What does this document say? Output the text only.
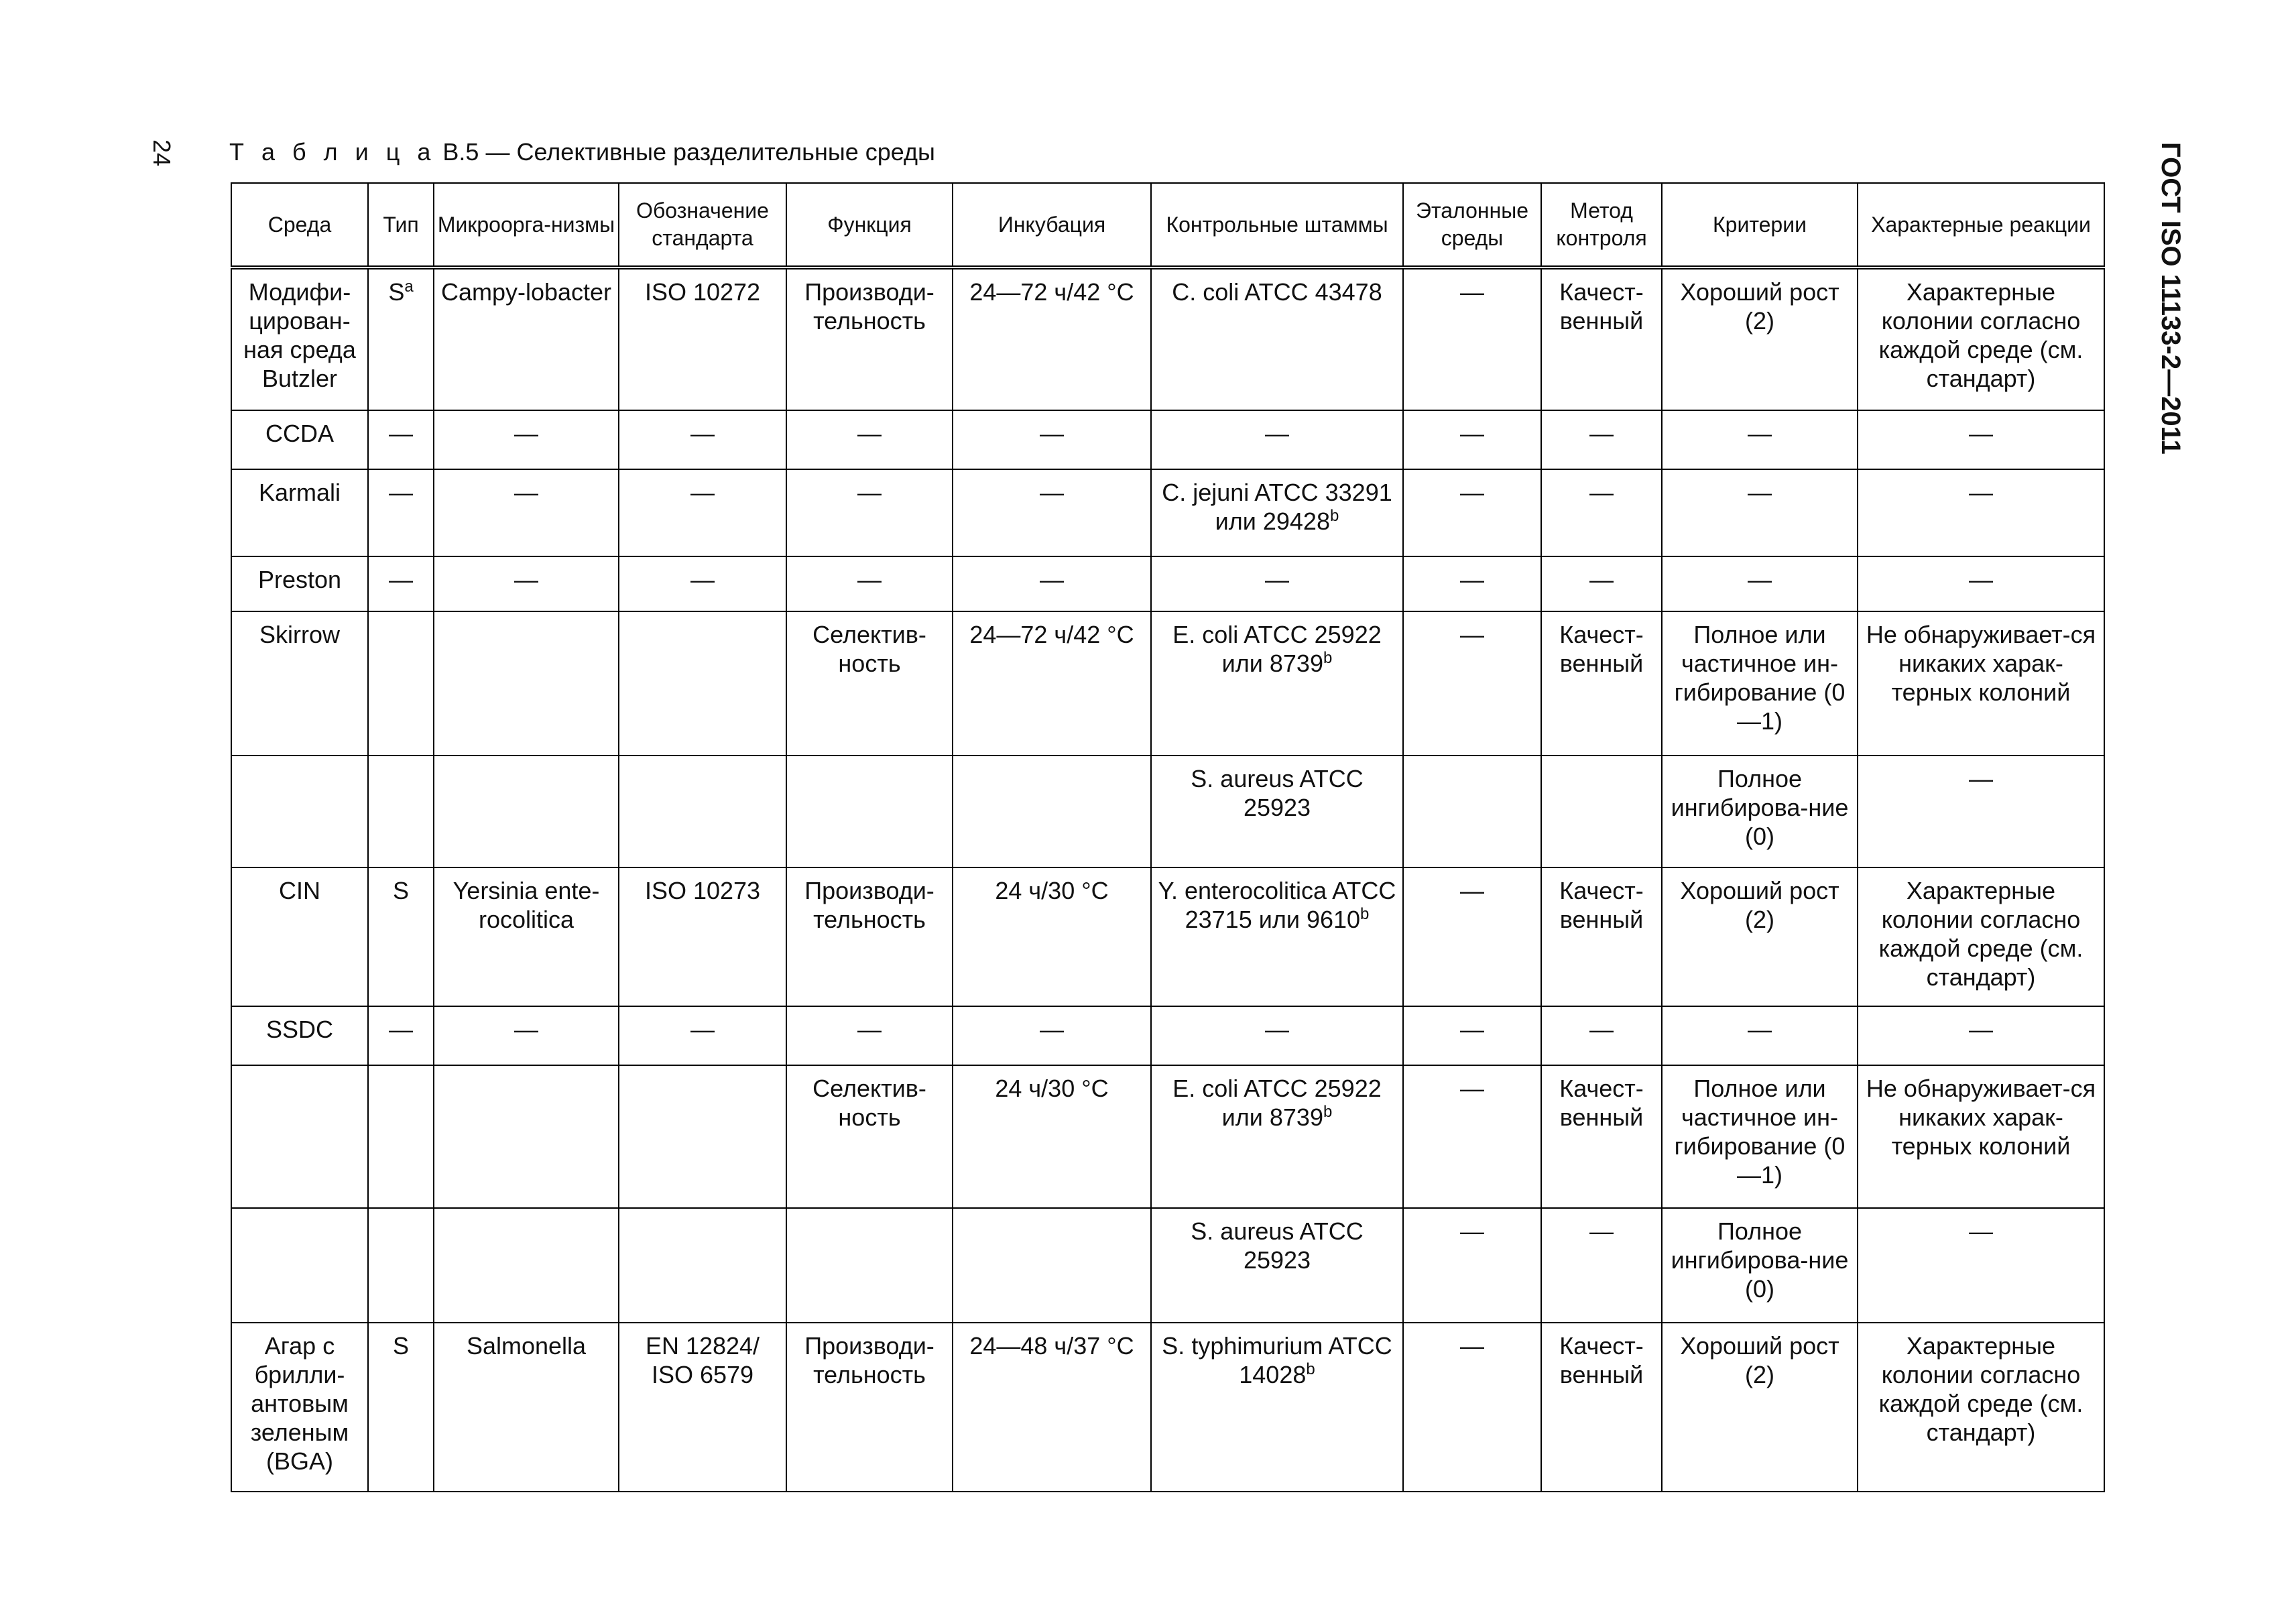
24 Т а б л и ц а B.5 — Селективные разделительные среды	ГОСТ ISO 11133-2—2011
Среда	Тип	Микроорга-низмы	Обозначение стандарта	Функция	Инкубация	Контрольные штаммы	Эталонные среды	Метод контроля	Критерии	Характерные реакции
Модифи-цирован-ная среда Butzler	$S^a$	Campy-lobacter	ISO 10272	Производи-тельность	24—72 ч/42 °C	C. coli ATCC 43478	—	Качест-венный	Хороший рост (2)	Характерные колонии согласно каждой среде (см. стандарт)
CCDA	—	—	—	—	—	—	—	—	—	—
Karmali	—	—	—	—	—	C. jejuni ATCC 33291 или 29428$^b$	—	—	—	—
Preston	—	—	—	—	—	—	—	—	—	—
Skirrow				Селектив-ность	24—72 ч/42 °C	E. coli ATCC 25922 или 8739$^b$	—	Качест-венный	Полное или частичное ин-гибирование (0—1)	Не обнаруживает-ся никаких харак-терных колоний
						S. aureus ATCC 25923			Полное ингибирова-ние (0)	—
CIN	S	Yersinia ente-rocolitica	ISO 10273	Производи-тельность	24 ч/30 °C	Y. enterocolitica ATCC 23715 или 9610$^b$	—	Качест-венный	Хороший рост (2)	Характерные колонии согласно каждой среде (см. стандарт)
SSDC	—	—	—	—	—	—	—	—	—	—
				Селектив-ность	24 ч/30 °C	E. coli ATCC 25922 или 8739$^b$	—	Качест-венный	Полное или частичное ин-гибирование (0—1)	Не обнаруживает-ся никаких харак-терных колоний
						S. aureus ATCC 25923	—	—	Полное ингибирова-ние (0)	—
Агар с брилли-антовым зеленым (BGA)	S	Salmonella	EN 12824/ ISO 6579	Производи-тельность	24—48 ч/37 °C	S. typhimurium ATCC 14028$^b$	—	Качест-венный	Хороший рост (2)	Характерные колонии согласно каждой среде (см. стандарт)
